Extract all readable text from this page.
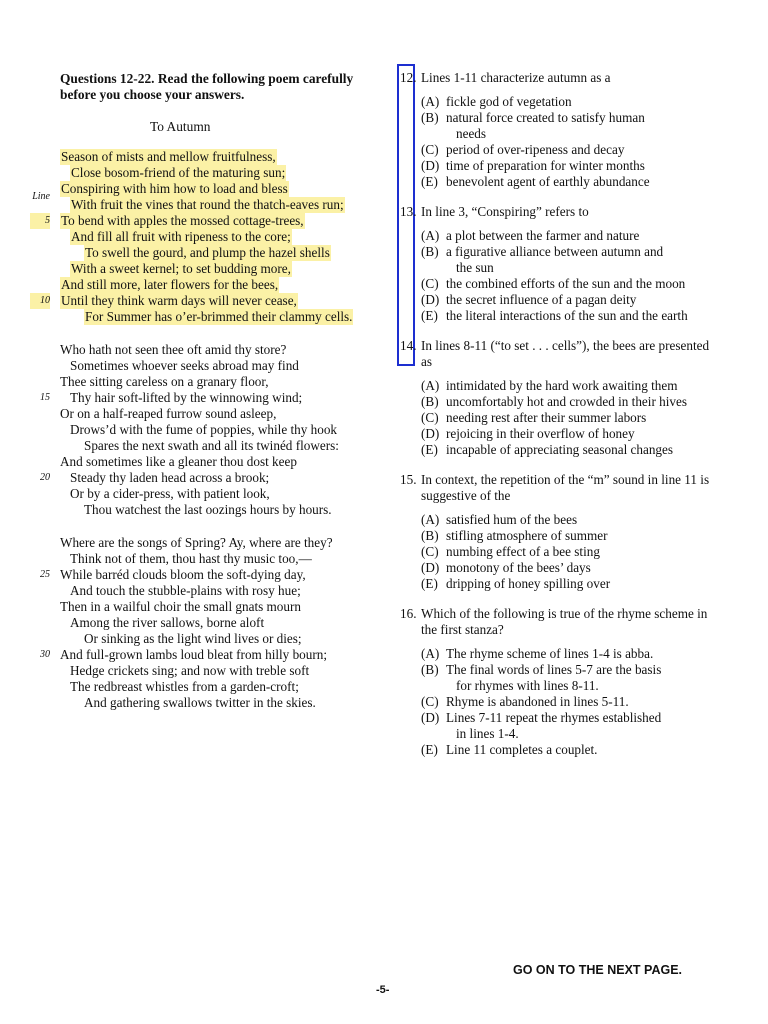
Questions 12-22. Read the following poem carefully before you choose your answers.
To Autumn
Season of mists and mellow fruitfulness,
Close bosom-friend of the maturing sun;
Conspiring with him how to load and bless
With fruit the vines that round the thatch-eaves run;
Line
To bend with apples the mossed cottage-trees,
5
And fill all fruit with ripeness to the core;
To swell the gourd, and plump the hazel shells
With a sweet kernel; to set budding more,
And still more, later flowers for the bees,
Until they think warm days will never cease,
10
For Summer has o’er-brimmed their clammy cells.
Who hath not seen thee oft amid thy store?
Sometimes whoever seeks abroad may find
Thee sitting careless on a granary floor,
Thy hair soft-lifted by the winnowing wind;
15
Or on a half-reaped furrow sound asleep,
Drows’d with the fume of poppies, while thy hook
Spares the next swath and all its twinéd flowers:
And sometimes like a gleaner thou dost keep
Steady thy laden head across a brook;
20
Or by a cider-press, with patient look,
Thou watchest the last oozings hours by hours.
Where are the songs of Spring? Ay, where are they?
Think not of them, thou hast thy music too,—
While barréd clouds bloom the soft-dying day,
25
And touch the stubble-plains with rosy hue;
Then in a wailful choir the small gnats mourn
Among the river sallows, borne aloft
Or sinking as the light wind lives or dies;
And full-grown lambs loud bleat from hilly bourn;
30
Hedge crickets sing; and now with treble soft
The redbreast whistles from a garden-croft;
And gathering swallows twitter in the skies.
12. Lines 1-11 characterize autumn as a
(A) fickle god of vegetation
(B) natural force created to satisfy human
needs
(C) period of over-ripeness and decay
(D) time of preparation for winter months
(E) benevolent agent of earthly abundance
13. In line 3, “Conspiring” refers to
(A) a plot between the farmer and nature
(B) a figurative alliance between autumn and
the sun
(C) the combined efforts of the sun and the moon
(D) the secret influence of a pagan deity
(E) the literal interactions of the sun and the earth
14. In lines 8-11 (“to set . . . cells”), the bees are presented as
(A) intimidated by the hard work awaiting them
(B) uncomfortably hot and crowded in their hives
(C) needing rest after their summer labors
(D) rejoicing in their overflow of honey
(E) incapable of appreciating seasonal changes
15. In context, the repetition of the “m” sound in line 11 is suggestive of the
(A) satisfied hum of the bees
(B) stifling atmosphere of summer
(C) numbing effect of a bee sting
(D) monotony of the bees’ days
(E) dripping of honey spilling over
16. Which of the following is true of the rhyme scheme in the first stanza?
(A) The rhyme scheme of lines 1-4 is abba.
(B) The final words of lines 5-7 are the basis
for rhymes with lines 8-11.
(C) Rhyme is abandoned in lines 5-11.
(D) Lines 7-11 repeat the rhymes established
in lines 1-4.
(E) Line 11 completes a couplet.
GO ON TO THE NEXT PAGE.
-5-
